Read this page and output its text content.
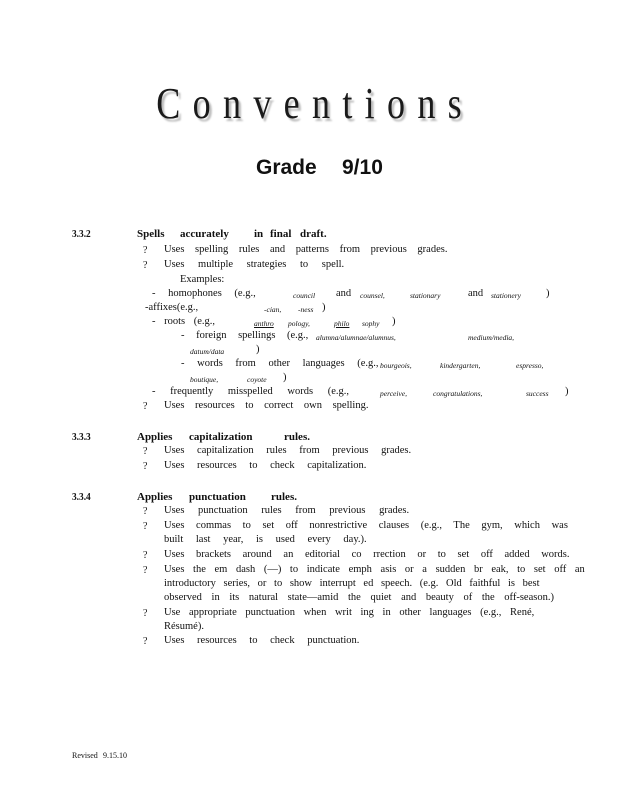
Conventions
Grade 9/10
3.3.2	Spells accurately in final draft.
? Uses spelling rules and patterns from previous grades.
? Uses multiple strategies to spell.
Examples:
- homophones (e.g.,	council and counsel,	stationary	and stationery )
-affixes(e.g.,	-cian, -ness )
- roots (e.g.,	anthro pology,	philo sophy )
- foreign spellings (e.g., alumna/alumnae/alumnus,	medium/media,
datum/data	)
- words from other languages (e.g., bourgeois,	kindergarten,	espresso,
boutique,	coyote )
- frequently misspelled words (e.g.,	perceive,	congratulations,	success )
? Uses resources to correct own spelling.
3.3.3	Applies capitalization	rules.
? Uses capitalization rules from previous grades.
? Uses resources to check capitalization.
3.3.4	Applies punctuation rules.
? Uses punctuation rules from previous grades.
? Uses commas to set off nonrestrictive clauses (e.g., The gym, which was
built last year, is used every day.).
? Uses brackets around an editorial co rrection or to set off added words.
? Uses the em dash (—) to indicate emph asis or a sudden br eak, to set off an
introductory series, or to show interrupt ed speech. (e.g. Old faithful is best
observed in its natural state—amid the quiet and beauty of the off-season.)
? Use appropriate punctuation when writ ing in other languages (e.g., René,
Résumé).
? Uses resources to check punctuation.
Revised 9.15.10
